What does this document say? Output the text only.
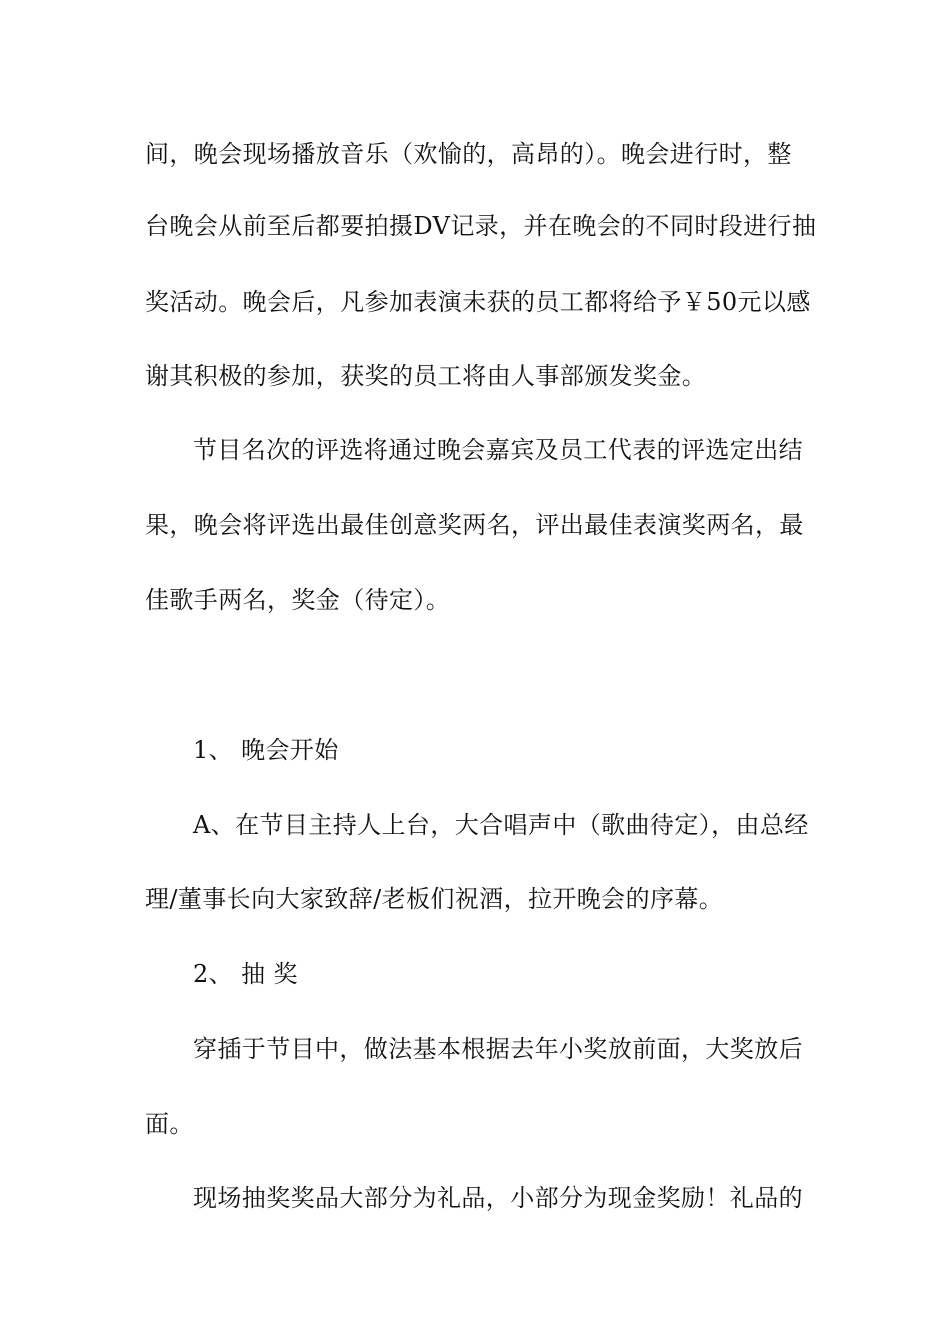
间，晚会现场播放音乐（欢愉的，高昂的）。晚会进行时，整
台晚会从前至后都要拍摄DV记录，并在晚会的不同时段进行抽
奖活动。晚会后，凡参加表演未获的员工都将给予￥50元以感
谢其积极的参加，获奖的员工将由人事部颁发奖金。
节目名次的评选将通过晚会嘉宾及员工代表的评选定出结
果，晚会将评选出最佳创意奖两名，评出最佳表演奖两名，最
佳歌手两名，奖金（待定）。
1、 晚会开始
A、在节目主持人上台，大合唱声中（歌曲待定），由总经
理/董事长向大家致辞/老板们祝酒，拉开晚会的序幕。
2、 抽 奖
穿插于节目中，做法基本根据去年小奖放前面，大奖放后
面。
现场抽奖奖品大部分为礼品，小部分为现金奖励！礼品的
